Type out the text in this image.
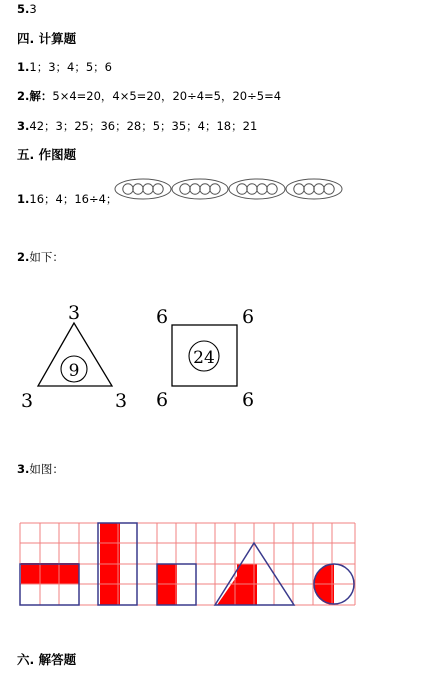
5.3
四. 计算题
1.1；3；4；5；6
2.解：5×4=20，4×5=20，20÷4=5，20÷5=4
3.42；3；25；36；28；5；35；4；18；21
五. 作图题
1.16；4；16÷4；
2.如下：
3
9
3	3
6	6
24
6	6
3.如图：
六. 解答题
